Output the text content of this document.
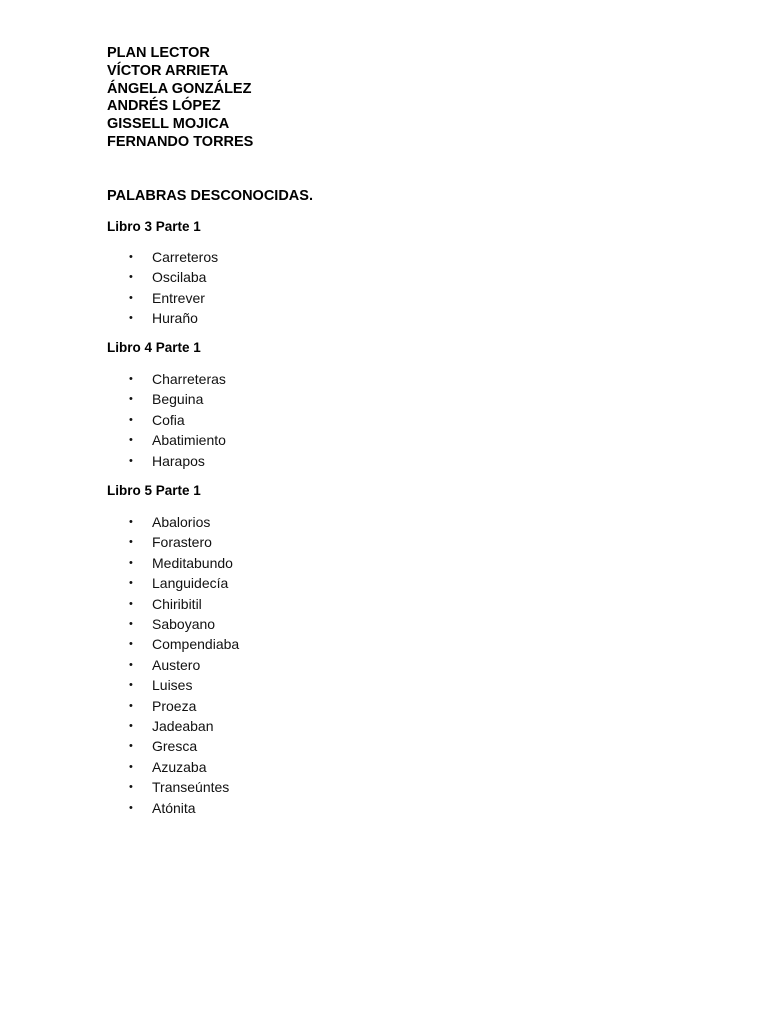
PLAN LECTOR

VÍCTOR ARRIETA

ÁNGELA GONZÁLEZ

ANDRÉS LÓPEZ

GISSELL MOJICA

FERNANDO TORRES

PALABRAS DESCONOCIDAS.

Libro 3 Parte 1

• Carreteros
• Oscilaba
• Entrever
• Huraño

Libro 4 Parte 1

• Charreteras
• Beguina
• Cofia
• Abatimiento
• Harapos

Libro 5 Parte 1

• Abalorios
• Forastero
• Meditabundo
• Languidecía
• Chiribitil
• Saboyano
• Compendiaba
• Austero
• Luises
• Proeza
• Jadeaban
• Gresca
• Azuzaba
• Transeúntes
• Atónita
